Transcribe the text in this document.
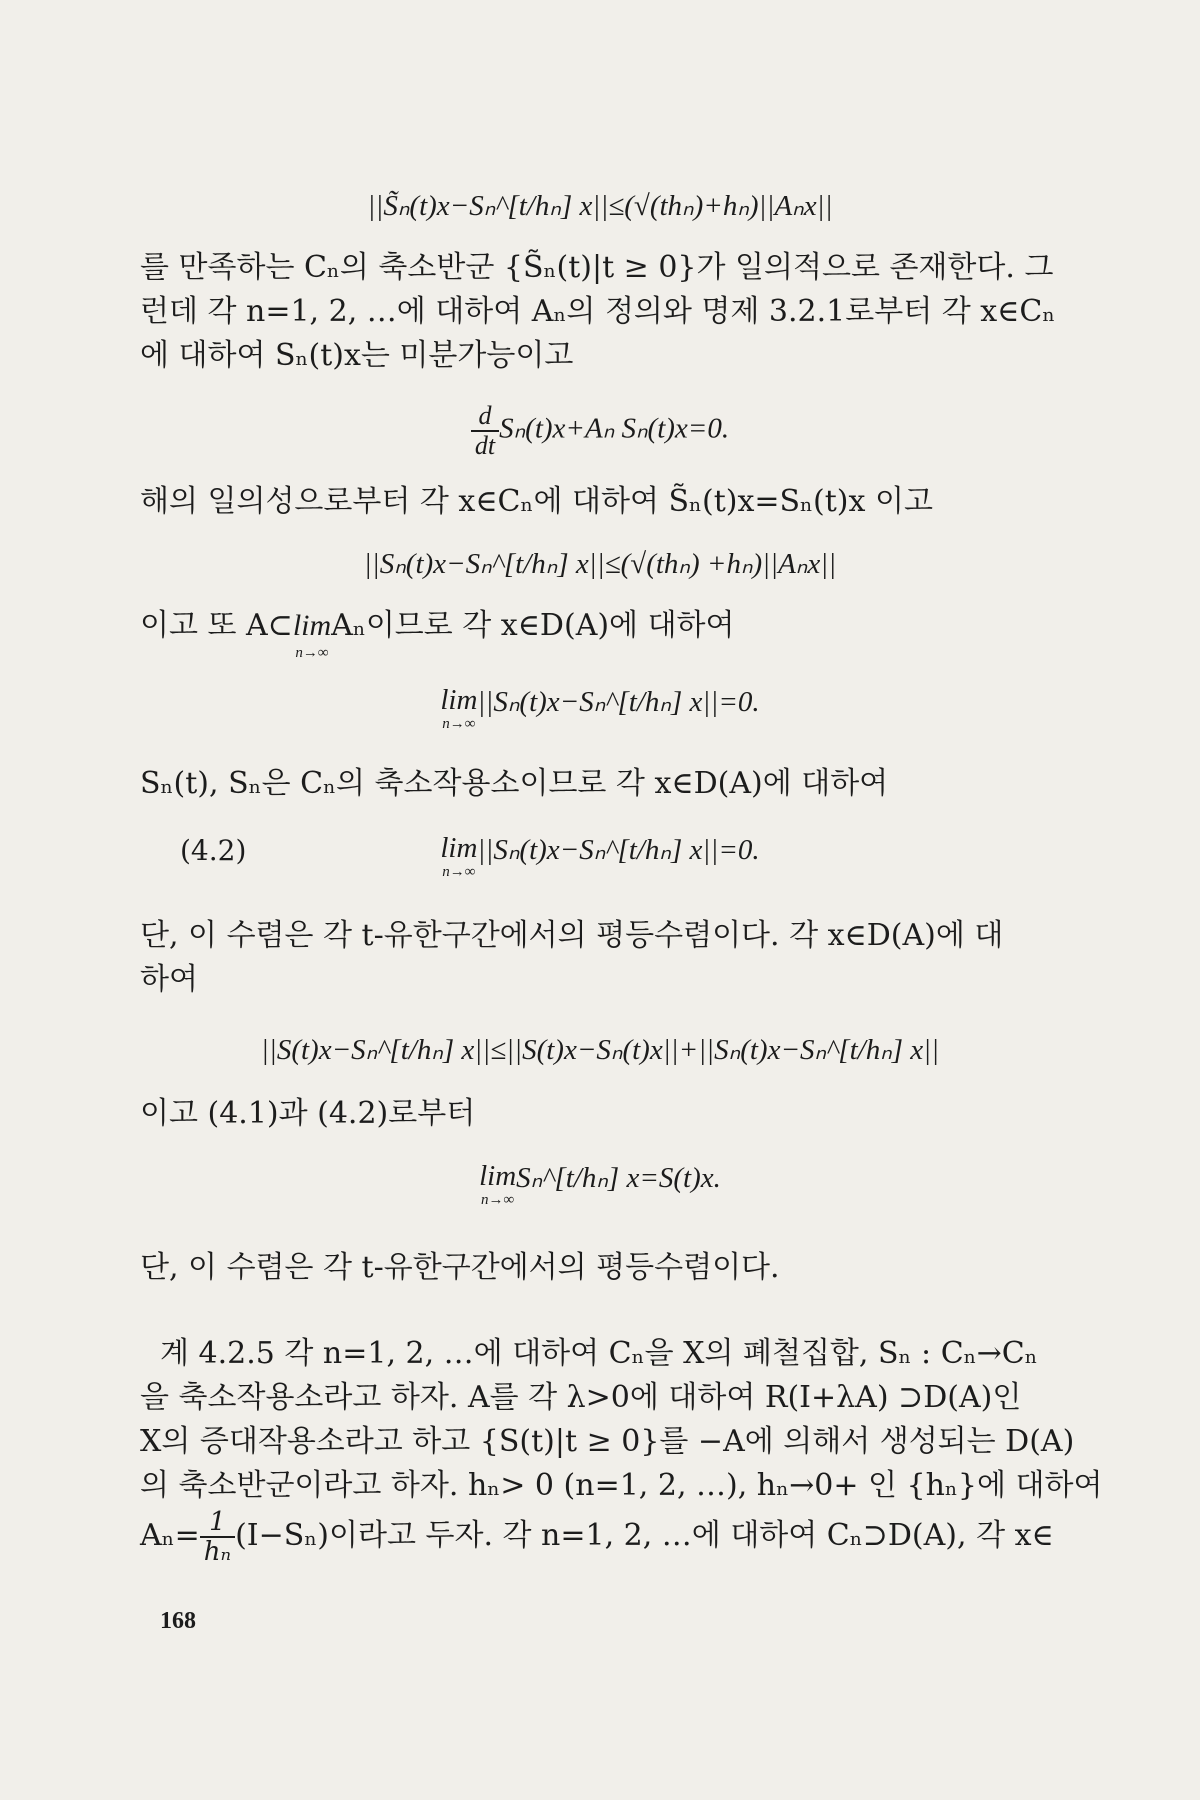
||S̃ₙ(t)x−Sₙ^[t/hₙ] x||≤(√(thₙ)+hₙ)||Aₙx||
를 만족하는 Cₙ의 축소반군 {S̃ₙ(t)|t ≥ 0}가 일의적으로 존재한다. 그
런데 각 n=1, 2, …에 대하여 Aₙ의 정의와 명제 3.2.1로부터 각 x∈Cₙ
에 대하여 Sₙ(t)x는 미분가능이고
$\frac{d}{dt} S_n(t)x+A_n$ Sₙ(t)x=0.
해의 일의성으로부터 각 x∈Cₙ에 대하여 S̃ₙ(t)x=Sₙ(t)x 이고
||Sₙ(t)x−Sₙ^[t/hₙ] x||≤(√(thₙ) +hₙ)||Aₙx||
이고 또 A⊂lim
n→∞
Aₙ이므로 각 x∈D(A)에 대하여
lim
n→∞
||Sₙ(t)x−Sₙ^[t/hₙ] x||=0.
Sₙ(t), Sₙ은 Cₙ의 축소작용소이므로 각 x∈D(A)에 대하여
(4.2)	lim
n→∞
||Sₙ(t)x−Sₙ^[t/hₙ] x||=0.
단, 이 수렴은 각 t-유한구간에서의 평등수렴이다. 각 x∈D(A)에 대
하여
||S(t)x−Sₙ^[t/hₙ] x||≤||S(t)x−Sₙ(t)x||+||Sₙ(t)x−Sₙ^[t/hₙ] x||
이고 (4.1)과 (4.2)로부터
lim
n→∞
Sₙ^[t/hₙ] x=S(t)x.
단, 이 수렴은 각 t-유한구간에서의 평등수렴이다.
계 4.2.5 각 n=1, 2, …에 대하여 Cₙ을 X의 폐철집합, Sₙ : Cₙ→Cₙ
을 축소작용소라고 하자. A를 각 λ>0에 대하여 R(I+λA) ⊃D(A)인
X의 증대작용소라고 하고 {S(t)|t ≥ 0}를 −A에 의해서 생성되는 D(A)
의 축소반군이라고 하자. hₙ> 0 (n=1, 2, …), hₙ→0+ 인 {hₙ}에 대하여
$A_n= \frac{1}{\text{hₙ}} (I-S_n)$이라고 두자. 각 n=1, 2, …에 대하여 Cₙ⊃D(A), 각 x∈
168
